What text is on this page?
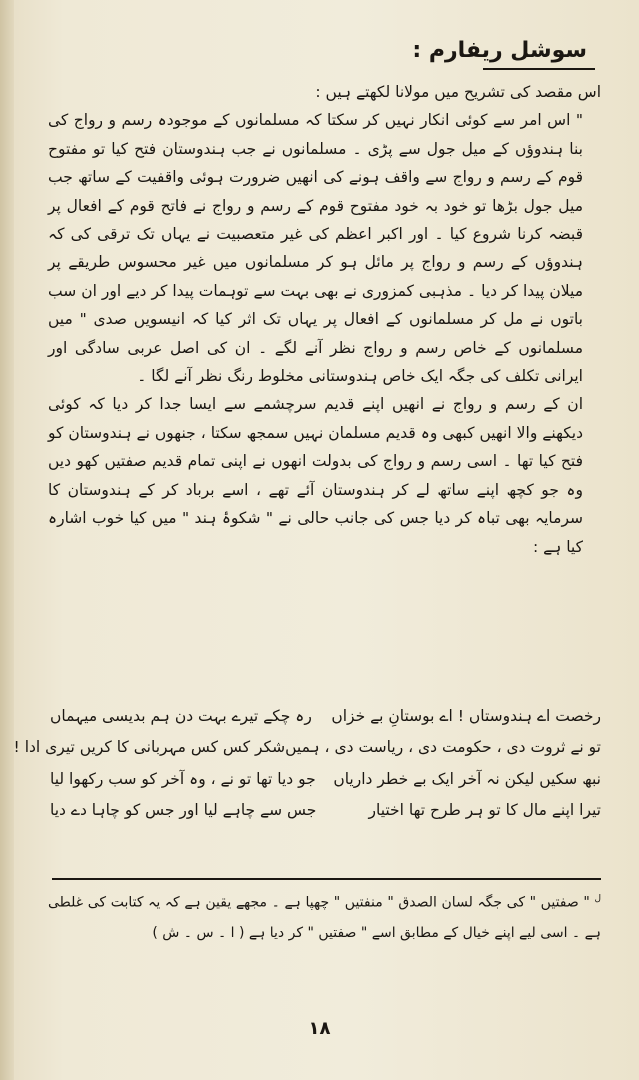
سوشل ریفارم :

اس مقصد کی تشریح میں مولانا لکھتے ہیں :

" اس امر سے کوئی انکار نہیں کر سکتا کہ مسلمانوں کے موجودہ رسم و رواج کی بنا ہندوؤں کے میل جول سے پڑی ۔ مسلمانوں نے جب ہندوستان فتح کیا تو مفتوح قوم کے رسم و رواج سے واقف ہونے کی انھیں ضرورت ہوئی واقفیت کے ساتھ جب میل جول بڑھا تو خود بہ خود مفتوح قوم کے رسم و رواج نے فاتح قوم کے افعال پر قبضہ کرنا شروع کیا ۔ اور اکبر اعظم کی غیر متعصبیت نے یہاں تک ترقی کی کہ ہندوؤں کے رسم و رواج پر مائل ہو کر مسلمانوں میں غیر محسوس طریقے پر میلان پیدا کر دیا ۔ مذہبی کمزوری نے بھی بہت سے توہمات پیدا کر دیے اور ان سب باتوں نے مل کر مسلمانوں کے افعال پر یہاں تک اثر کیا کہ انیسویں صدی " میں مسلمانوں کے خاص رسم و رواج نظر آنے لگے ۔ ان کی اصل عربی سادگی اور ایرانی تکلف کی جگہ ایک خاص ہندوستانی مخلوط رنگ نظر آنے لگا ۔

ان کے رسم و رواج نے انھیں اپنے قدیم سرچشمے سے ایسا جدا کر دیا کہ کوئی دیکھنے والا انھیں کبھی وہ قدیم مسلمان نہیں سمجھ سکتا ، جنھوں نے ہندوستان کو فتح کیا تھا ۔ اسی رسم و رواج کی بدولت انھوں نے اپنی تمام قدیم صفتیں کھو دیں وہ جو کچھ اپنے ساتھ لے کر ہندوستان آئے تھے ، اسے برباد کر کے ہندوستان کا سرمایہ بھی تباہ کر دیا جس کی جانب حالی نے " شکوۂ ہند " میں کیا خوب اشارہ کیا ہے :

رخصت اے ہندوستاں ! اے بوستانِ بے خزاں
رہ چکے تیرے بہت دن ہم بدیسی میہماں
تو نے ثروت دی ، حکومت دی ، ریاست دی ، ہمیں
شکر کس کس مہربانی کا کریں تیری ادا !
نبھ سکیں لیکن نہ آخر ایک بے خطر داریاں
جو دیا تھا تو نے ، وہ آخر کو سب رکھوا لیا
تیرا اپنے مال کا تو ہر طرح تھا اختیار
جس سے چاہے لیا اور جس کو چاہا دے دیا
$^ل$ " صفتیں " کی جگہ لسان الصدق " منفتیں " چھپا ہے ۔ مجھے یقین ہے کہ یہ کتابت کی غلطی ہے ۔ اسی لیے اپنے خیال کے مطابق اسے " صفتیں " کر دیا ہے ( ا ۔ س ۔ ش )
١٨
